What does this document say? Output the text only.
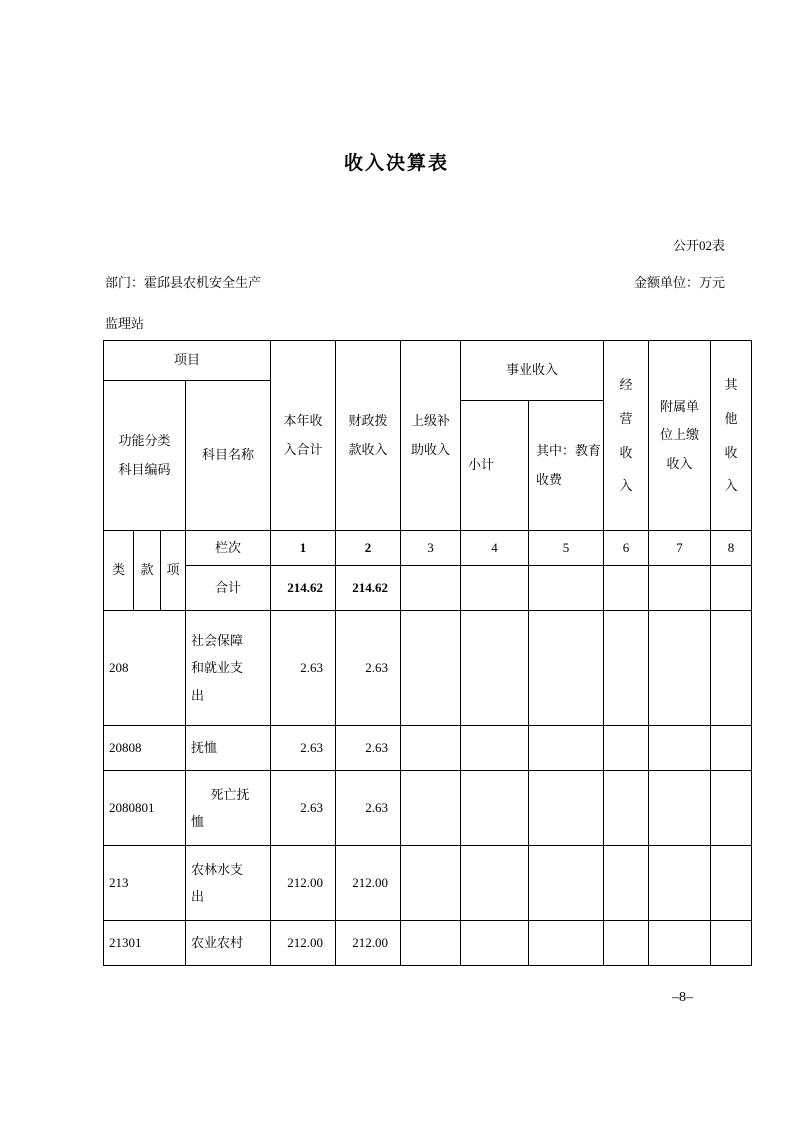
收入决算表
公开02表
部门：霍邱县农机安全生产
监理站
金额单位：万元
项目				本年收入合计	财政拨款收入	上级补助收入	事业收入		经营收入	附属单位上缴收入	其他收入
功能分类科目编码			科目名称								
							小计	其中：教育收费			
类	款	项	栏次	1	2	3	4	5	6	7	8
			合计	214.62	214.62						
208			社会保障和就业支出	2.63	2.63						
20808			抚恤	2.63	2.63						
2080801			死亡抚恤	2.63	2.63						
213			农林水支出	212.00	212.00						
21301			农业农村	212.00	212.00						
–8–
